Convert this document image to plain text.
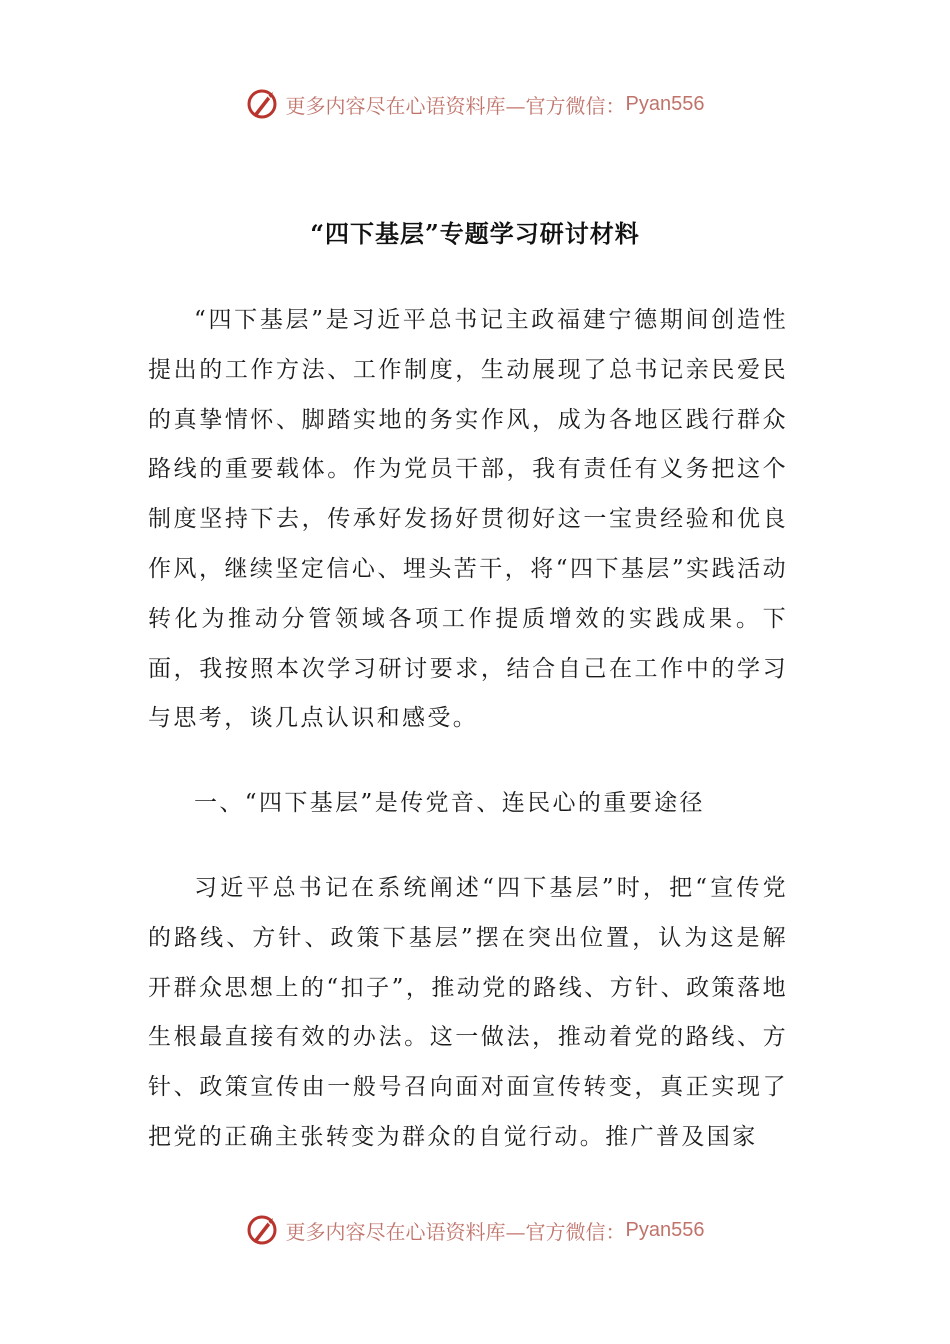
更多内容尽在心语资料库—官方微信： Pyan556
“四下基层”专题学习研讨材料

“四下基层”是习近平总书记主政福建宁德期间创造性提出的工作方法、工作制度，生动展现了总书记亲民爱民的真挚情怀、脚踏实地的务实作风，成为各地区践行群众路线的重要载体。作为党员干部，我有责任有义务把这个制度坚持下去，传承好发扬好贯彻好这一宝贵经验和优良作风，继续坚定信心、埋头苦干，将“四下基层”实践活动转化为推动分管领域各项工作提质增效的实践成果。下面，我按照本次学习研讨要求，结合自己在工作中的学习与思考，谈几点认识和感受。

一、“四下基层”是传党音、连民心的重要途径

习近平总书记在系统阐述“四下基层”时，把“宣传党的路线、方针、政策下基层”摆在突出位置，认为这是解开群众思想上的“扣子”，推动党的路线、方针、政策落地生根最直接有效的办法。这一做法，推动着党的路线、方针、政策宣传由一般号召向面对面宣传转变，真正实现了把党的正确主张转变为群众的自觉行动。推广普及国家

更多内容尽在心语资料库—官方微信： Pyan556
